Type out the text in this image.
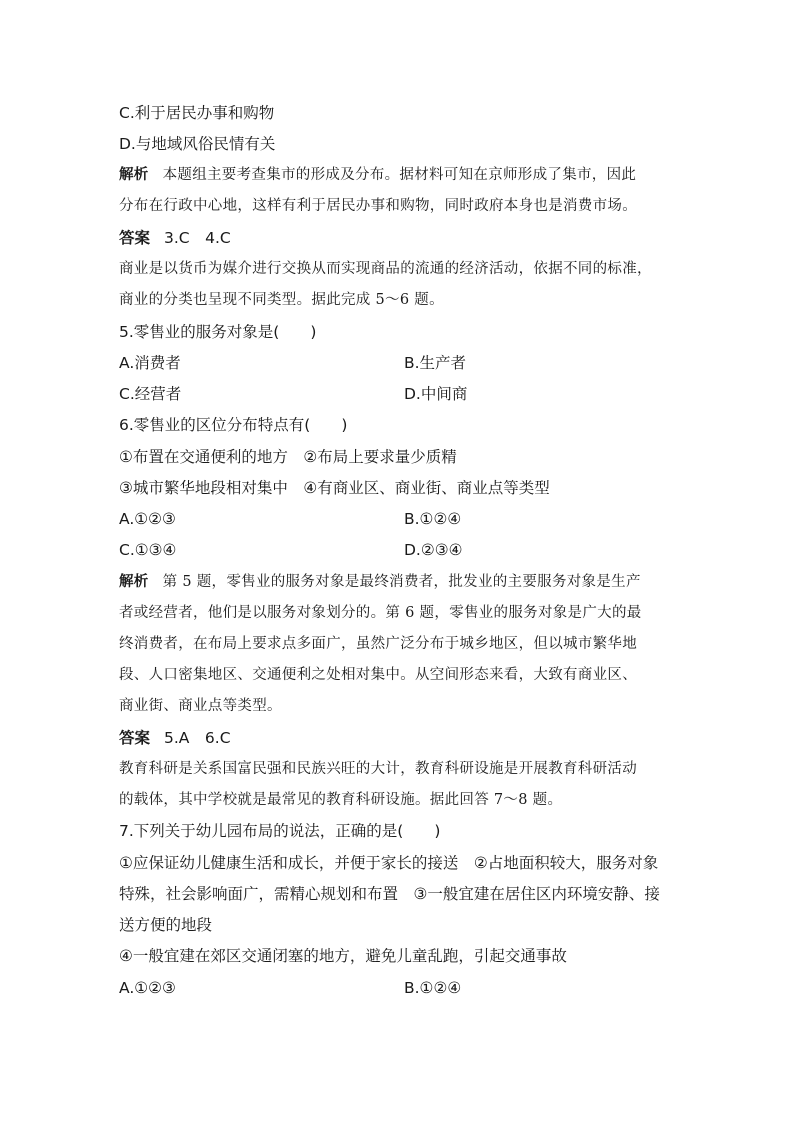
C.利于居民办事和购物
D.与地域风俗民情有关
解析 本题组主要考查集市的形成及分布。据材料可知在京师形成了集市，因此
分布在行政中心地，这样有利于居民办事和购物，同时政府本身也是消费市场。
答案 3.C　4.C
商业是以货币为媒介进行交换从而实现商品的流通的经济活动，依据不同的标准，
商业的分类也呈现不同类型。据此完成 5～6 题。
5.零售业的服务对象是(　　)
A.消费者	B.生产者
C.经营者	D.中间商
6.零售业的区位分布特点有(　　)
①布置在交通便利的地方　②布局上要求量少质精
③城市繁华地段相对集中　④有商业区、商业街、商业点等类型
A.①②③	B.①②④
C.①③④	D.②③④
解析 第 5 题，零售业的服务对象是最终消费者，批发业的主要服务对象是生产
者或经营者，他们是以服务对象划分的。第 6 题，零售业的服务对象是广大的最
终消费者，在布局上要求点多面广，虽然广泛分布于城乡地区，但以城市繁华地
段、人口密集地区、交通便利之处相对集中。从空间形态来看，大致有商业区、
商业街、商业点等类型。
答案 5.A　6.C
教育科研是关系国富民强和民族兴旺的大计，教育科研设施是开展教育科研活动
的载体，其中学校就是最常见的教育科研设施。据此回答 7～8 题。
7.下列关于幼儿园布局的说法，正确的是(　　)
①应保证幼儿健康生活和成长，并便于家长的接送　②占地面积较大，服务对象
特殊，社会影响面广，需精心规划和布置　③一般宜建在居住区内环境安静、接
送方便的地段
④一般宜建在郊区交通闭塞的地方，避免儿童乱跑，引起交通事故
A.①②③	B.①②④
